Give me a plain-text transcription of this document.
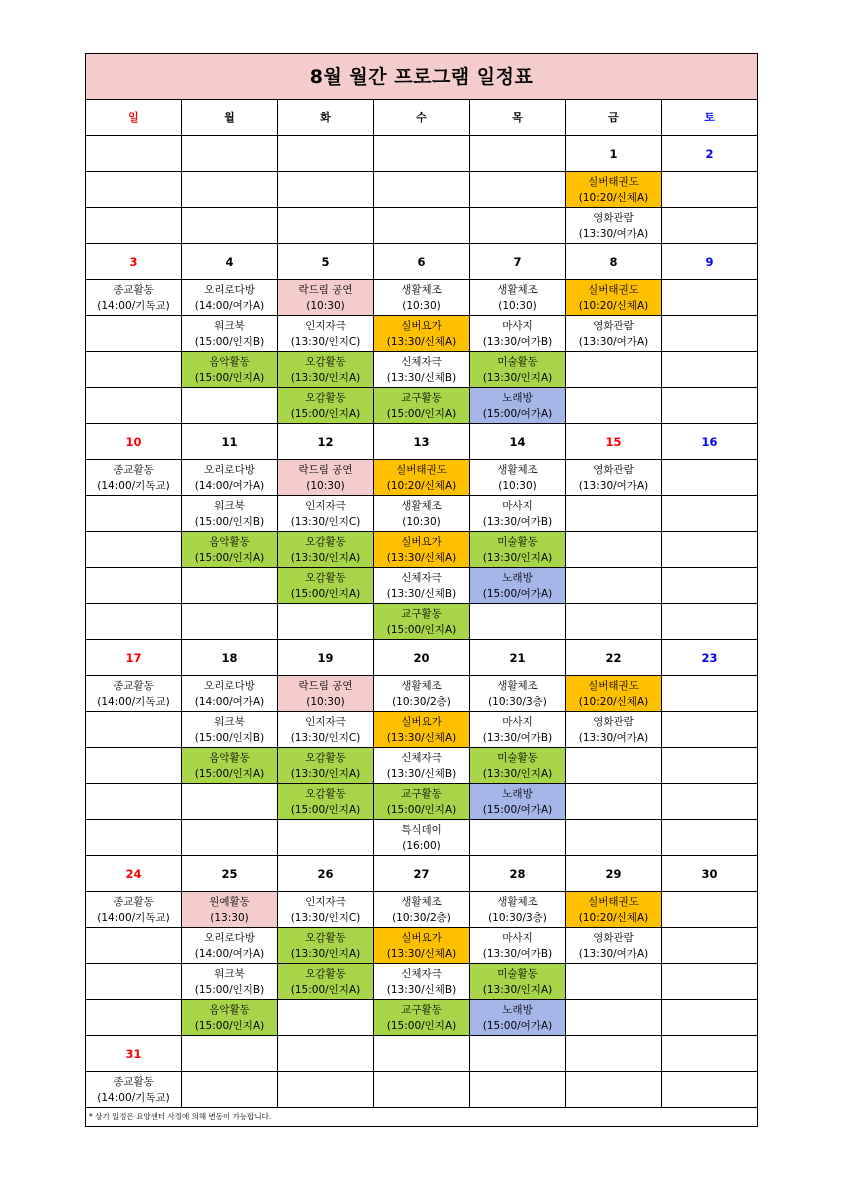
8월 월간 프로그램 일정표						
일	월	화	수	목	금	토
					1	2

					실버태권도
(10:20/신체A)	

					영화관람
(13:30/여가A)	

3	4	5	6	7	8	9

종교활동
(14:00/기독교)	오리로다방
(14:00/여가A)	락드림 공연
(10:30)	생활체조
(10:30)	생활체조
(10:30)	실버태권도
(10:20/신체A)	

	워크북
(15:00/인지B)	인지자극
(13:30/인지C)	실버요가
(13:30/신체A)	마사지
(13:30/여가B)	영화관람
(13:30/여가A)	

	음악활동
(15:00/인지A)	오감활동
(13:30/인지A)	신체자극
(13:30/신체B)	미술활동
(13:30/인지A)		

		오감활동
(15:00/인지A)	교구활동
(15:00/인지A)	노래방
(15:00/여가A)		

10	11	12	13	14	15	16

종교활동
(14:00/기독교)	오리로다방
(14:00/여가A)	락드림 공연
(10:30)	실버태권도
(10:20/신체A)	생활체조
(10:30)	영화관람
(13:30/여가A)	

	워크북
(15:00/인지B)	인지자극
(13:30/인지C)	생활체조
(10:30)	마사지
(13:30/여가B)		

	음악활동
(15:00/인지A)	오감활동
(13:30/인지A)	실버요가
(13:30/신체A)	미술활동
(13:30/인지A)		

		오감활동
(15:00/인지A)	신체자극
(13:30/신체B)	노래방
(15:00/여가A)		

			교구활동
(15:00/인지A)			

17	18	19	20	21	22	23

종교활동
(14:00/기독교)	오리로다방
(14:00/여가A)	락드림 공연
(10:30)	생활체조
(10:30/2층)	생활체조
(10:30/3층)	실버태권도
(10:20/신체A)	

	워크북
(15:00/인지B)	인지자극
(13:30/인지C)	실버요가
(13:30/신체A)	마사지
(13:30/여가B)	영화관람
(13:30/여가A)	

	음악활동
(15:00/인지A)	오감활동
(13:30/인지A)	신체자극
(13:30/신체B)	미술활동
(13:30/인지A)		

		오감활동
(15:00/인지A)	교구활동
(15:00/인지A)	노래방
(15:00/여가A)		

			특식데이
(16:00)			

24	25	26	27	28	29	30

종교활동
(14:00/기독교)	원예활동
(13:30)	인지자극
(13:30/인지C)	생활체조
(10:30/2층)	생활체조
(10:30/3층)	실버태권도
(10:20/신체A)	

	오리로다방
(14:00/여가A)	오감활동
(13:30/인지A)	실버요가
(13:30/신체A)	마사지
(13:30/여가B)	영화관람
(13:30/여가A)	

	워크북
(15:00/인지B)	오감활동
(15:00/인지A)	신체자극
(13:30/신체B)	미술활동
(13:30/인지A)		

	음악활동
(15:00/인지A)		교구활동
(15:00/인지A)	노래방
(15:00/여가A)		

31						

종교활동
(14:00/기독교)						

* 상기 일정은 요양센터 사정에 의해 변동이 가능합니다.						
